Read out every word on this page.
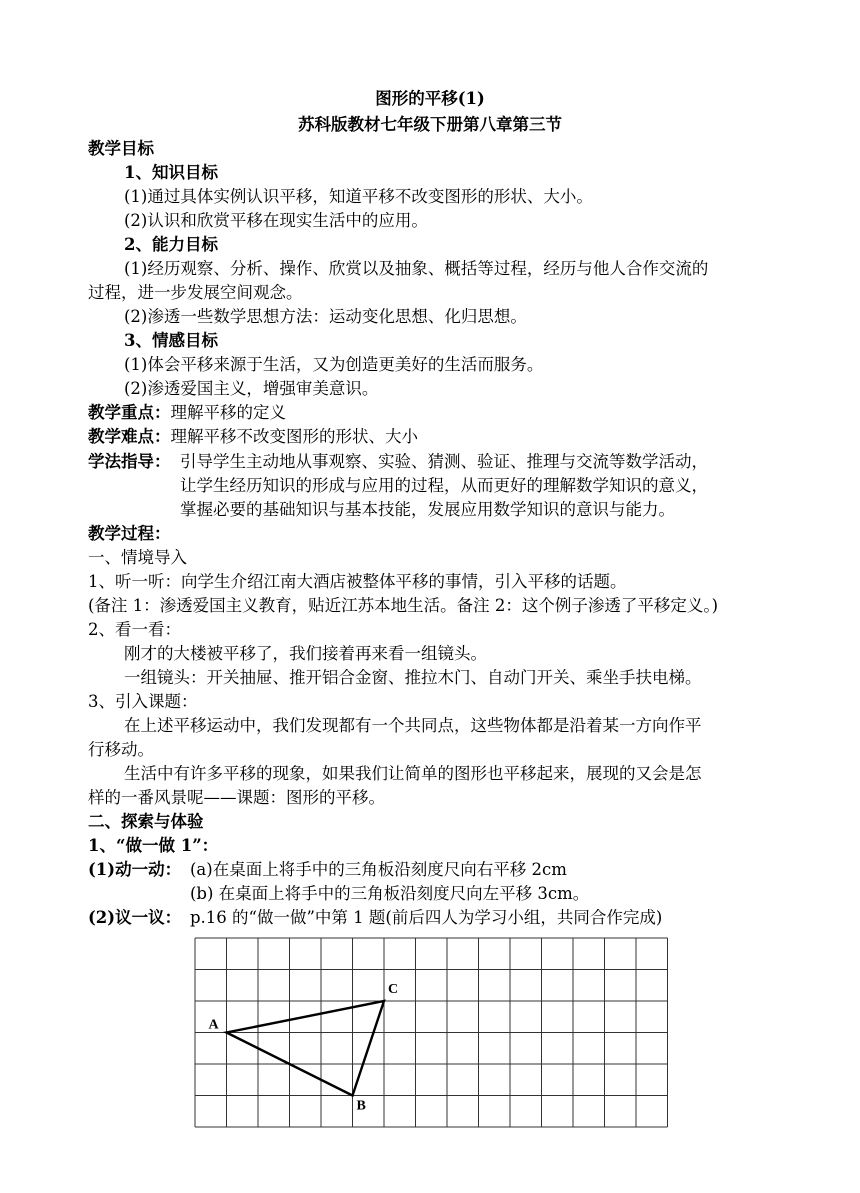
图形的平移(1)
苏科版教材七年级下册第八章第三节
教学目标
1、知识目标
(1)通过具体实例认识平移，知道平移不改变图形的形状、大小。
(2)认识和欣赏平移在现实生活中的应用。
2、能力目标
(1)经历观察、分析、操作、欣赏以及抽象、概括等过程，经历与他人合作交流的
过程，进一步发展空间观念。
(2)渗透一些数学思想方法：运动变化思想、化归思想。
3、情感目标
(1)体会平移来源于生活，又为创造更美好的生活而服务。
(2)渗透爱国主义，增强审美意识。
教学重点：理解平移的定义
教学难点：理解平移不改变图形的形状、大小
学法指导： 引导学生主动地从事观察、实验、猜测、验证、推理与交流等数学活动，
让学生经历知识的形成与应用的过程，从而更好的理解数学知识的意义，
掌握必要的基础知识与基本技能，发展应用数学知识的意识与能力。
教学过程：
一、情境导入
1、听一听：向学生介绍江南大酒店被整体平移的事情，引入平移的话题。
(备注 1：渗透爱国主义教育，贴近江苏本地生活。备注 2：这个例子渗透了平移定义。)
2、看一看：
刚才的大楼被平移了，我们接着再来看一组镜头。
一组镜头：开关抽屉、推开铝合金窗、推拉木门、自动门开关、乘坐手扶电梯。
3、引入课题：
在上述平移运动中，我们发现都有一个共同点，这些物体都是沿着某一方向作平
行移动。
生活中有许多平移的现象，如果我们让简单的图形也平移起来，展现的又会是怎
样的一番风景呢——课题：图形的平移。
二、探索与体验
1、“做一做 1”：
(1)动一动： (a)在桌面上将手中的三角板沿刻度尺向右平移 2cm
(b) 在桌面上将手中的三角板沿刻度尺向左平移 3cm。
(2)议一议： p.16 的“做一做”中第 1 题(前后四人为学习小组，共同合作完成)
A
B
C
